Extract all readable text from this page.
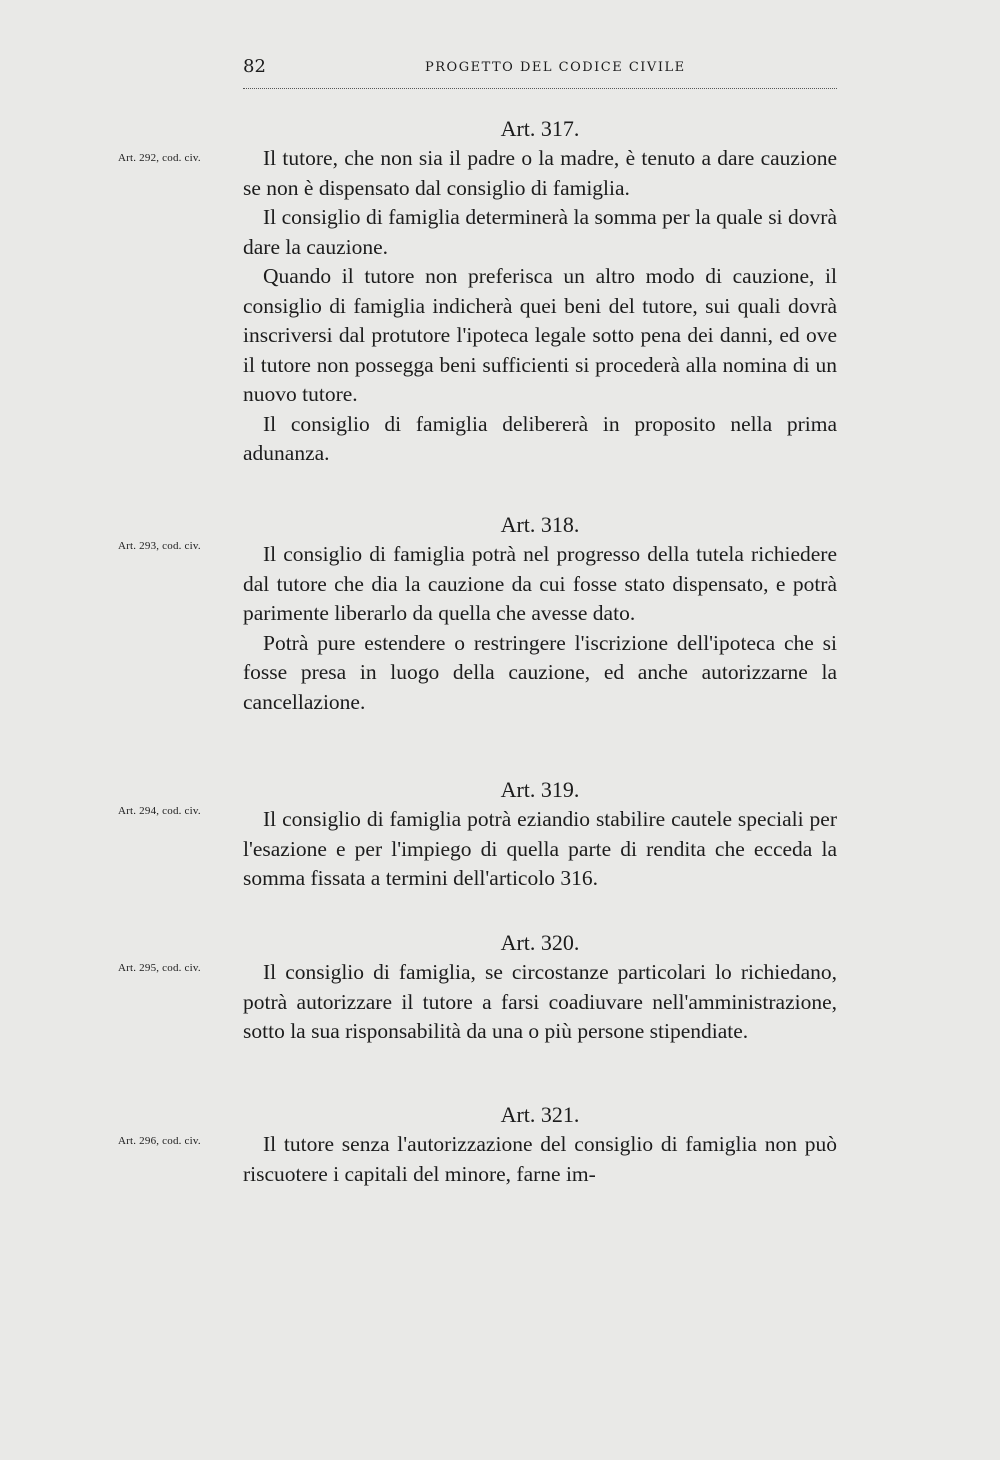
82	PROGETTO DEL CODICE CIVILE
Art. 292, cod. civ.
Art. 317.

Il tutore, che non sia il padre o la madre, è tenuto a dare cauzione se non è dispensato dal consiglio di famiglia.

Il consiglio di famiglia determinerà la somma per la quale si dovrà dare la cauzione.

Quando il tutore non preferisca un altro modo di cauzione, il consiglio di famiglia indicherà quei beni del tutore, sui quali dovrà inscriversi dal protutore l'ipoteca legale sotto pena dei danni, ed ove il tutore non possegga beni sufficienti si procederà alla nomina di un nuovo tutore.

Il consiglio di famiglia delibererà in proposito nella prima adunanza.

Art. 293, cod. civ.
Art. 318.

Il consiglio di famiglia potrà nel progresso della tutela richiedere dal tutore che dia la cauzione da cui fosse stato dispensato, e potrà parimente liberarlo da quella che avesse dato.

Potrà pure estendere o restringere l'iscrizione dell'ipoteca che si fosse presa in luogo della cauzione, ed anche autorizzarne la cancellazione.

Art. 294, cod. civ.
Art. 319.

Il consiglio di famiglia potrà eziandio stabilire cautele speciali per l'esazione e per l'impiego di quella parte di rendita che ecceda la somma fissata a termini dell'articolo 316.

Art. 295, cod. civ.
Art. 320.

Il consiglio di famiglia, se circostanze particolari lo richiedano, potrà autorizzare il tutore a farsi coadiuvare nell'amministrazione, sotto la sua risponsabilità da una o più persone stipendiate.

Art. 296, cod. civ.
Art. 321.

Il tutore senza l'autorizzazione del consiglio di famiglia non può riscuotere i capitali del minore, farne im-
